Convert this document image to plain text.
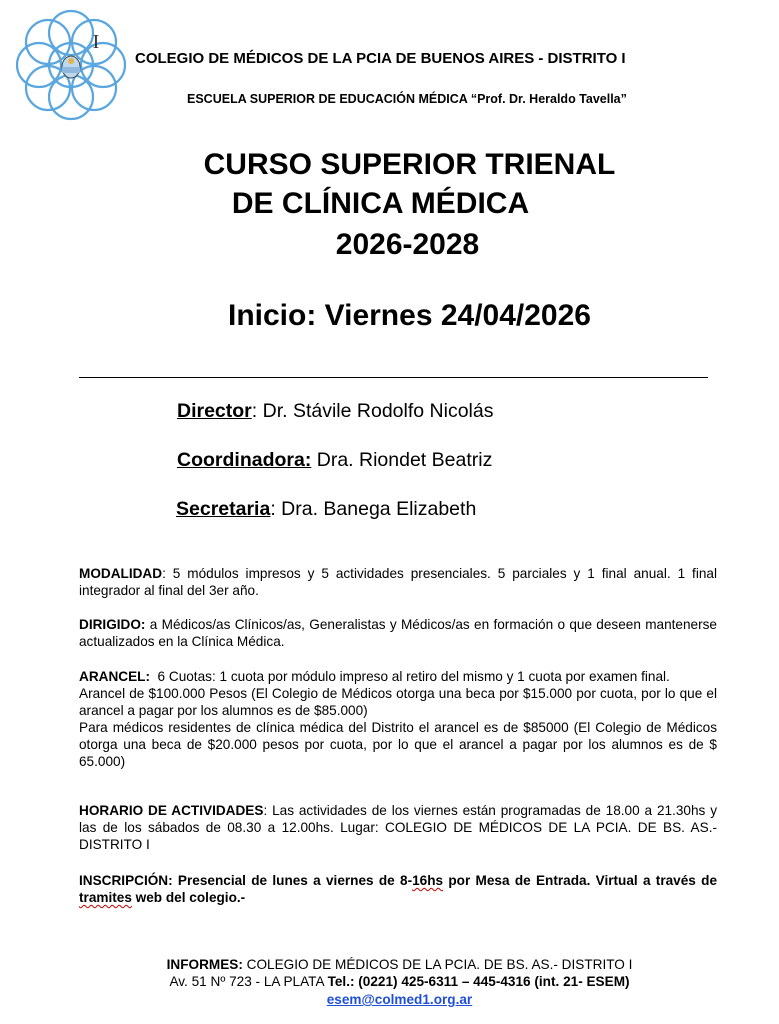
I
COLEGIO DE MÉDICOS DE LA PCIA DE BUENOS AIRES - DISTRITO I
ESCUELA SUPERIOR DE EDUCACIÓN MÉDICA “Prof. Dr. Heraldo Tavella”
CURSO SUPERIOR TRIENAL
DE CLÍNICA MÉDICA
2026-2028
Inicio: Viernes 24/04/2026
Director: Dr. Stávile Rodolfo Nicolás
Coordinadora: Dra. Riondet Beatriz
Secretaria: Dra. Banega Elizabeth
MODALIDAD: 5 módulos impresos y 5 actividades presenciales. 5 parciales y 1 final anual. 1 final integrador al final del 3er año.
DIRIGIDO: a Médicos/as Clínicos/as, Generalistas y Médicos/as en formación o que deseen mantenerse actualizados en la Clínica Médica.
ARANCEL:  6 Cuotas: 1 cuota por módulo impreso al retiro del mismo y 1 cuota por examen final.
Arancel de $100.000 Pesos (El Colegio de Médicos otorga una beca por $15.000 por cuota, por lo que el arancel a pagar por los alumnos es de $85.000)
Para médicos residentes de clínica médica del Distrito el arancel es de $85000 (El Colegio de Médicos otorga una beca de $20.000 pesos por cuota, por lo que el arancel a pagar por los alumnos es de $ 65.000)
HORARIO DE ACTIVIDADES: Las actividades de los viernes están programadas de 18.00 a 21.30hs y las de los sábados de 08.30 a 12.00hs. Lugar: COLEGIO DE MÉDICOS DE LA PCIA. DE BS. AS.- DISTRITO I
INSCRIPCIÓN: Presencial de lunes a viernes de 8-16hs por Mesa de Entrada. Virtual a través de tramites web del colegio.-
INFORMES: COLEGIO DE MÉDICOS DE LA PCIA. DE BS. AS.- DISTRITO I
Av. 51 Nº 723 - LA PLATA Tel.: (0221) 425-6311 – 445-4316 (int. 21- ESEM)
esem@colmed1.org.ar
